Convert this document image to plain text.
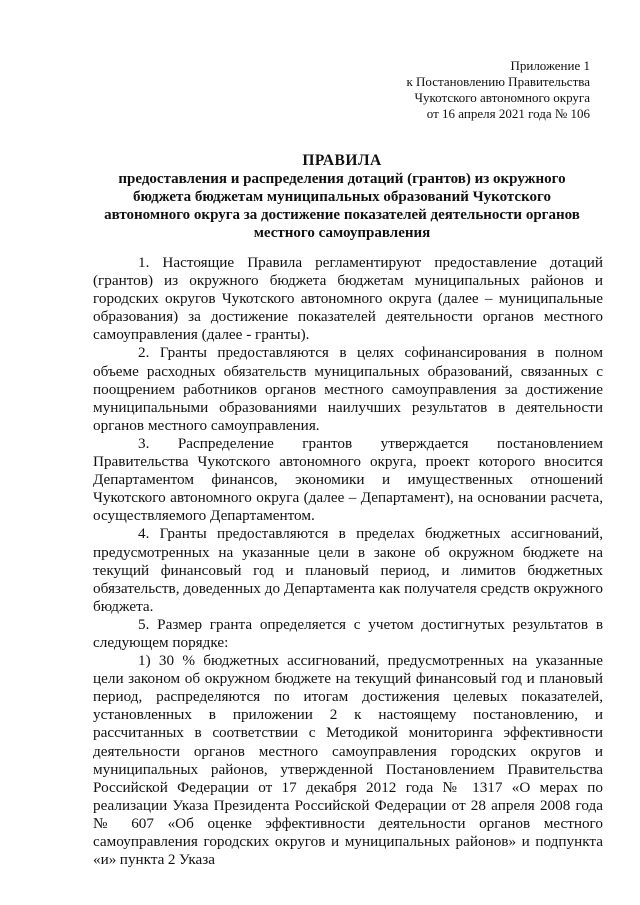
Приложение 1
к Постановлению Правительства
Чукотского автономного округа
от 16 апреля 2021 года № 106
ПРАВИЛА
предоставления и распределения дотаций (грантов) из окружного
бюджета бюджетам муниципальных образований Чукотского
автономного округа за достижение показателей деятельности органов
местного самоуправления

1. Настоящие Правила регламентируют предоставление дотаций (грантов) из окружного бюджета бюджетам муниципальных районов и городских округов Чукотского автономного округа (далее – муниципальные образования) за достижение показателей деятельности органов местного самоуправления (далее - гранты).

2. Гранты предоставляются в целях софинансирования в полном объеме расходных обязательств муниципальных образований, связанных с поощрением работников органов местного самоуправления за достижение муниципальными образованиями наилучших результатов в деятельности органов местного самоуправления.

3. Распределение грантов утверждается постановлением Правительства Чукотского автономного округа, проект которого вносится Департаментом финансов, экономики и имущественных отношений Чукотского автономного округа (далее – Департамент), на основании расчета, осуществляемого Департаментом.

4. Гранты предоставляются в пределах бюджетных ассигнований, предусмотренных на указанные цели в законе об окружном бюджете на текущий финансовый год и плановый период, и лимитов бюджетных обязательств, доведенных до Департамента как получателя средств окружного бюджета.

5. Размер гранта определяется с учетом достигнутых результатов в следующем порядке:

1) 30 % бюджетных ассигнований, предусмотренных на указанные цели законом об окружном бюджете на текущий финансовый год и плановый период, распределяются по итогам достижения целевых показателей, установленных в приложении 2 к настоящему постановлению, и рассчитанных в соответствии с Методикой мониторинга эффективности деятельности органов местного самоуправления городских округов и муниципальных районов, утвержденной Постановлением Правительства Российской Федерации от 17 декабря 2012 года № 1317 «О мерах по реализации Указа Президента Российской Федерации от 28 апреля 2008 года № 607 «Об оценке эффективности деятельности органов местного самоуправления городских округов и муниципальных районов» и подпункта «и» пункта 2 Указа
